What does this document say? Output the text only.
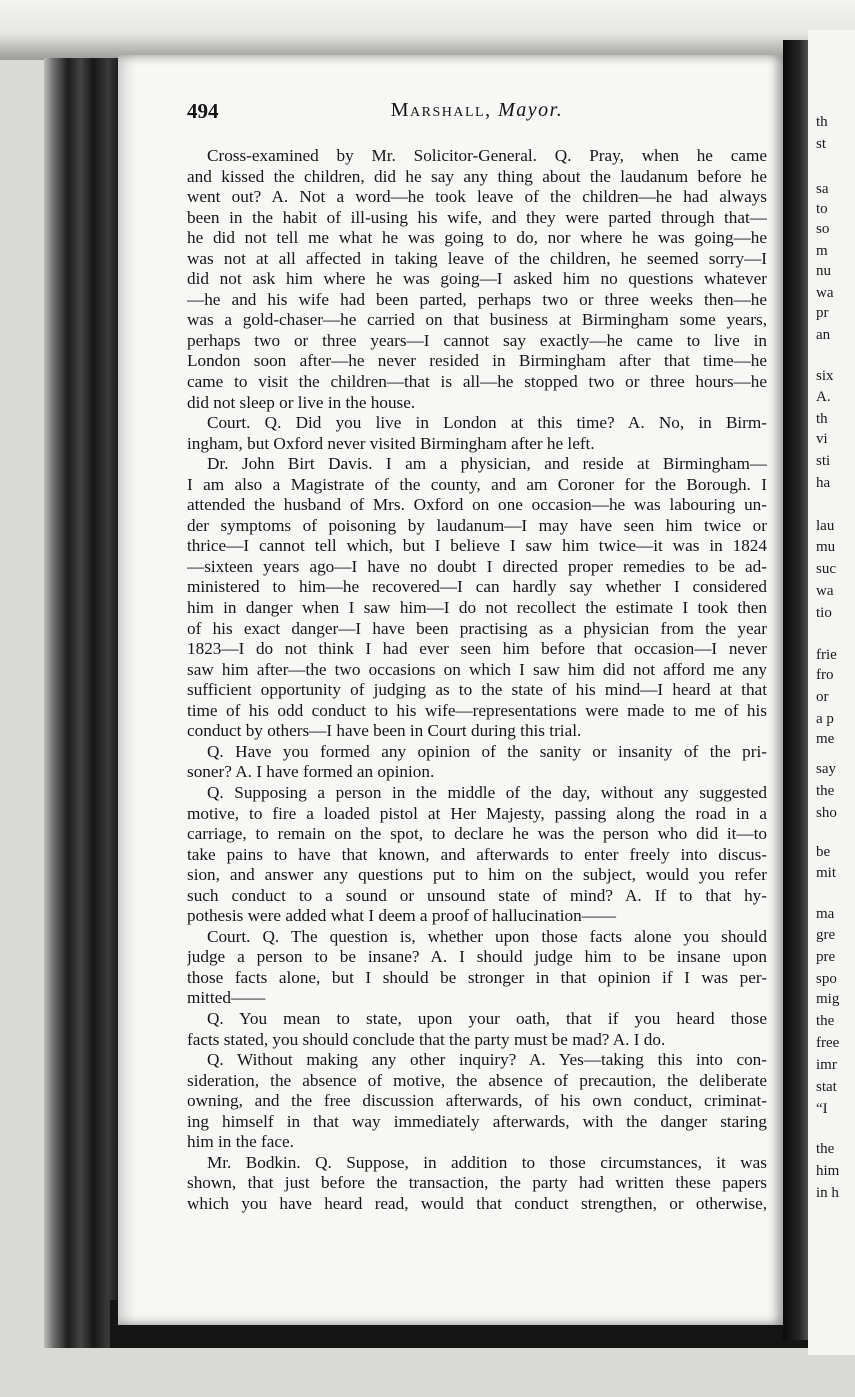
th
st
sa
to
so
m
nu
wa
pr
an
six
A.
th
vi
sti
ha
lau
mu
suc
wa
tio
frie
fro
or
a p
me
say
the
sho
be
mit
ma
gre
pre
spo
mig
the
free
imr
stat
“I
the
him
in h
494	Marshall, Mayor.
Cross-examined by Mr. Solicitor-General. Q. Pray, when he came
and kissed the children, did he say any thing about the laudanum before he
went out? A. Not a word—he took leave of the children—he had always
been in the habit of ill-using his wife, and they were parted through that—
he did not tell me what he was going to do, nor where he was going—he
was not at all affected in taking leave of the children, he seemed sorry—I
did not ask him where he was going—I asked him no questions whatever
—he and his wife had been parted, perhaps two or three weeks then—he
was a gold-chaser—he carried on that business at Birmingham some years,
perhaps two or three years—I cannot say exactly—he came to live in
London soon after—he never resided in Birmingham after that time—he
came to visit the children—that is all—he stopped two or three hours—he
did not sleep or live in the house.
Court. Q. Did you live in London at this time? A. No, in Birm-
ingham, but Oxford never visited Birmingham after he left.
Dr. John Birt Davis. I am a physician, and reside at Birmingham—
I am also a Magistrate of the county, and am Coroner for the Borough. I
attended the husband of Mrs. Oxford on one occasion—he was labouring un-
der symptoms of poisoning by laudanum—I may have seen him twice or
thrice—I cannot tell which, but I believe I saw him twice—it was in 1824
—sixteen years ago—I have no doubt I directed proper remedies to be ad-
ministered to him—he recovered—I can hardly say whether I considered
him in danger when I saw him—I do not recollect the estimate I took then
of his exact danger—I have been practising as a physician from the year
1823—I do not think I had ever seen him before that occasion—I never
saw him after—the two occasions on which I saw him did not afford me any
sufficient opportunity of judging as to the state of his mind—I heard at that
time of his odd conduct to his wife—representations were made to me of his
conduct by others—I have been in Court during this trial.
Q. Have you formed any opinion of the sanity or insanity of the pri-
soner? A. I have formed an opinion.
Q. Supposing a person in the middle of the day, without any suggested
motive, to fire a loaded pistol at Her Majesty, passing along the road in a
carriage, to remain on the spot, to declare he was the person who did it—to
take pains to have that known, and afterwards to enter freely into discus-
sion, and answer any questions put to him on the subject, would you refer
such conduct to a sound or unsound state of mind? A. If to that hy-
pothesis were added what I deem a proof of hallucination——
Court. Q. The question is, whether upon those facts alone you should
judge a person to be insane? A. I should judge him to be insane upon
those facts alone, but I should be stronger in that opinion if I was per-
mitted——
Q. You mean to state, upon your oath, that if you heard those
facts stated, you should conclude that the party must be mad? A. I do.
Q. Without making any other inquiry? A. Yes—taking this into con-
sideration, the absence of motive, the absence of precaution, the deliberate
owning, and the free discussion afterwards, of his own conduct, criminat-
ing himself in that way immediately afterwards, with the danger staring
him in the face.
Mr. Bodkin. Q. Suppose, in addition to those circumstances, it was
shown, that just before the transaction, the party had written these papers
which you have heard read, would that conduct strengthen, or otherwise,
